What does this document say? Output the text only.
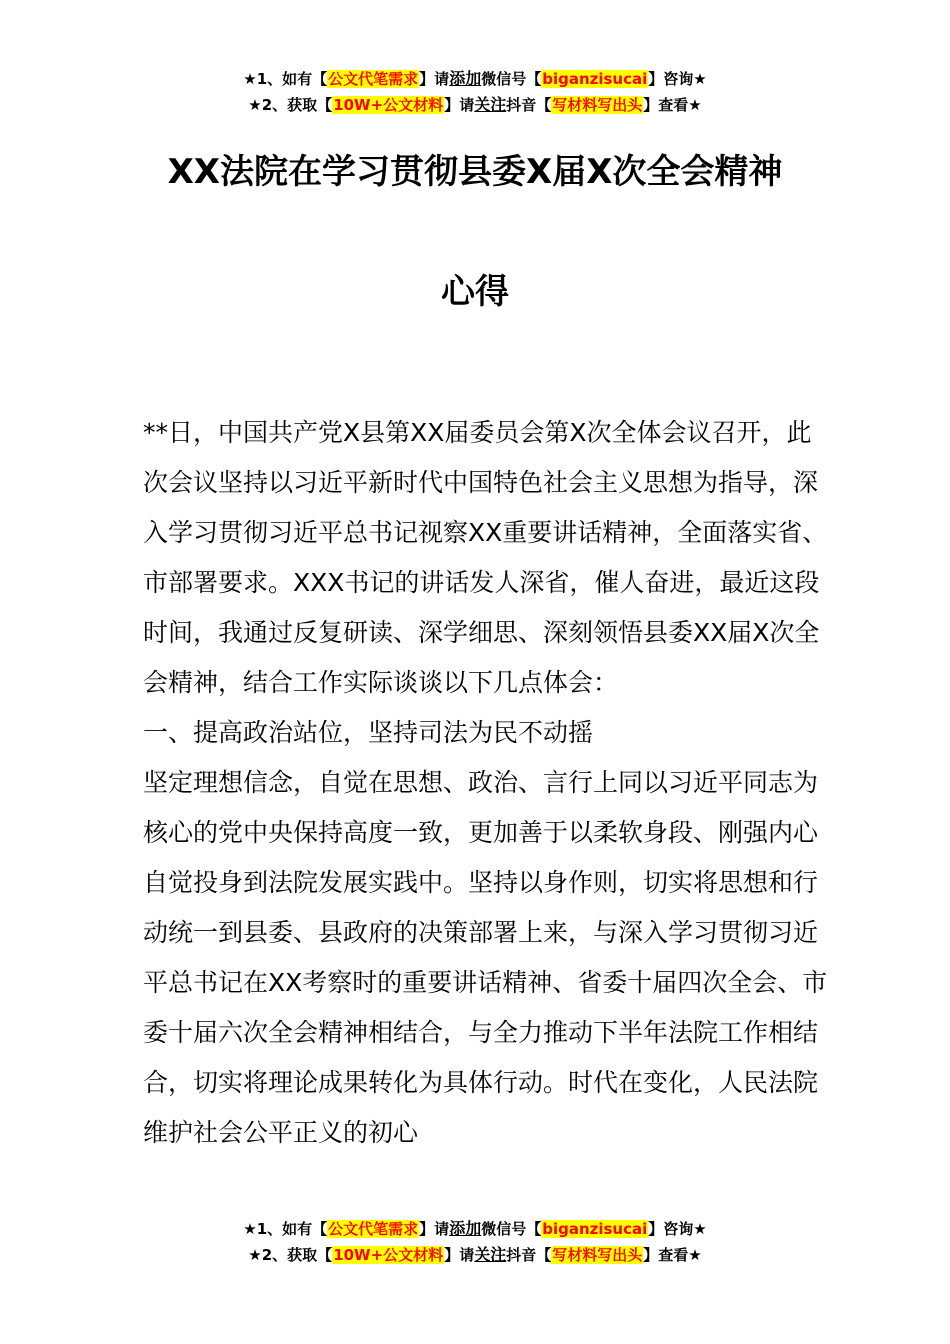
★1、如有【公文代笔需求】请添加微信号【biganzisucai】咨询★
★2、获取【10W+公文材料】请关注抖音【写材料写出头】查看★
XX法院在学习贯彻县委X届X次全会精神
心得

**日，中国共产党X县第XX届委员会第X次全体会议召开，此次会议坚持以习近平新时代中国特色社会主义思想为指导，深入学习贯彻习近平总书记视察XX重要讲话精神，全面落实省、市部署要求。XXX书记的讲话发人深省，催人奋进，最近这段时间，我通过反复研读、深学细思、深刻领悟县委XX届X次全会精神，结合工作实际谈谈以下几点体会：

一、提高政治站位，坚持司法为民不动摇

坚定理想信念，自觉在思想、政治、言行上同以习近平同志为核心的党中央保持高度一致，更加善于以柔软身段、刚强内心自觉投身到法院发展实践中。坚持以身作则，切实将思想和行动统一到县委、县政府的决策部署上来，与深入学习贯彻习近平总书记在XX考察时的重要讲话精神、省委十届四次全会、市委十届六次全会精神相结合，与全力推动下半年法院工作相结合，切实将理论成果转化为具体行动。时代在变化，人民法院维护社会公平正义的初心

★1、如有【公文代笔需求】请添加微信号【biganzisucai】咨询★
★2、获取【10W+公文材料】请关注抖音【写材料写出头】查看★
